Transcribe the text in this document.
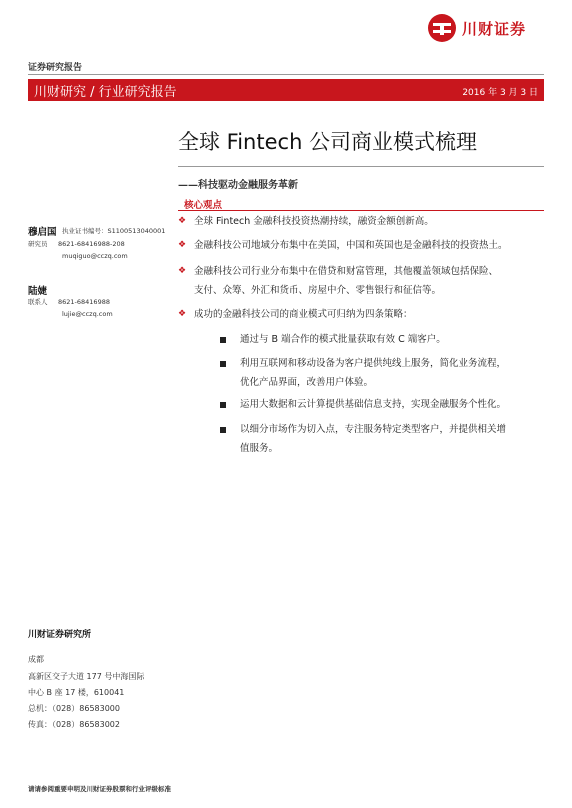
川财证券
证券研究报告
川财研究 / 行业研究报告	2016 年 3 月 3 日
全球 Fintech 公司商业模式梳理
——科技驱动金融服务革新
核心观点
穆启国 执业证书编号：S1100513040001
研究员 8621-68416988-208
muqiguo@cczq.com
陆婕
联系人 8621-68416988
lujie@cczq.com
❖ 全球 Fintech 金融科技投资热潮持续，融资金额创新高。
❖ 金融科技公司地域分布集中在美国，中国和英国也是金融科技的投资热土。
❖ 金融科技公司行业分布集中在借贷和财富管理，其他覆盖领域包括保险、
支付、众筹、外汇和货币、房屋中介、零售银行和征信等。
❖ 成功的金融科技公司的商业模式可归纳为四条策略：
通过与 B 端合作的模式批量获取有效 C 端客户。
利用互联网和移动设备为客户提供纯线上服务，简化业务流程，
优化产品界面，改善用户体验。
运用大数据和云计算提供基础信息支持，实现金融服务个性化。
以细分市场作为切入点，专注服务特定类型客户，并提供相关增
值服务。
川财证券研究所
成都
高新区交子大道 177 号中海国际
中心 B 座 17 楼，610041
总机：（028）86583000
传真：（028）86583002
请请参阅重要申明及川财证券股票和行业评级标准
